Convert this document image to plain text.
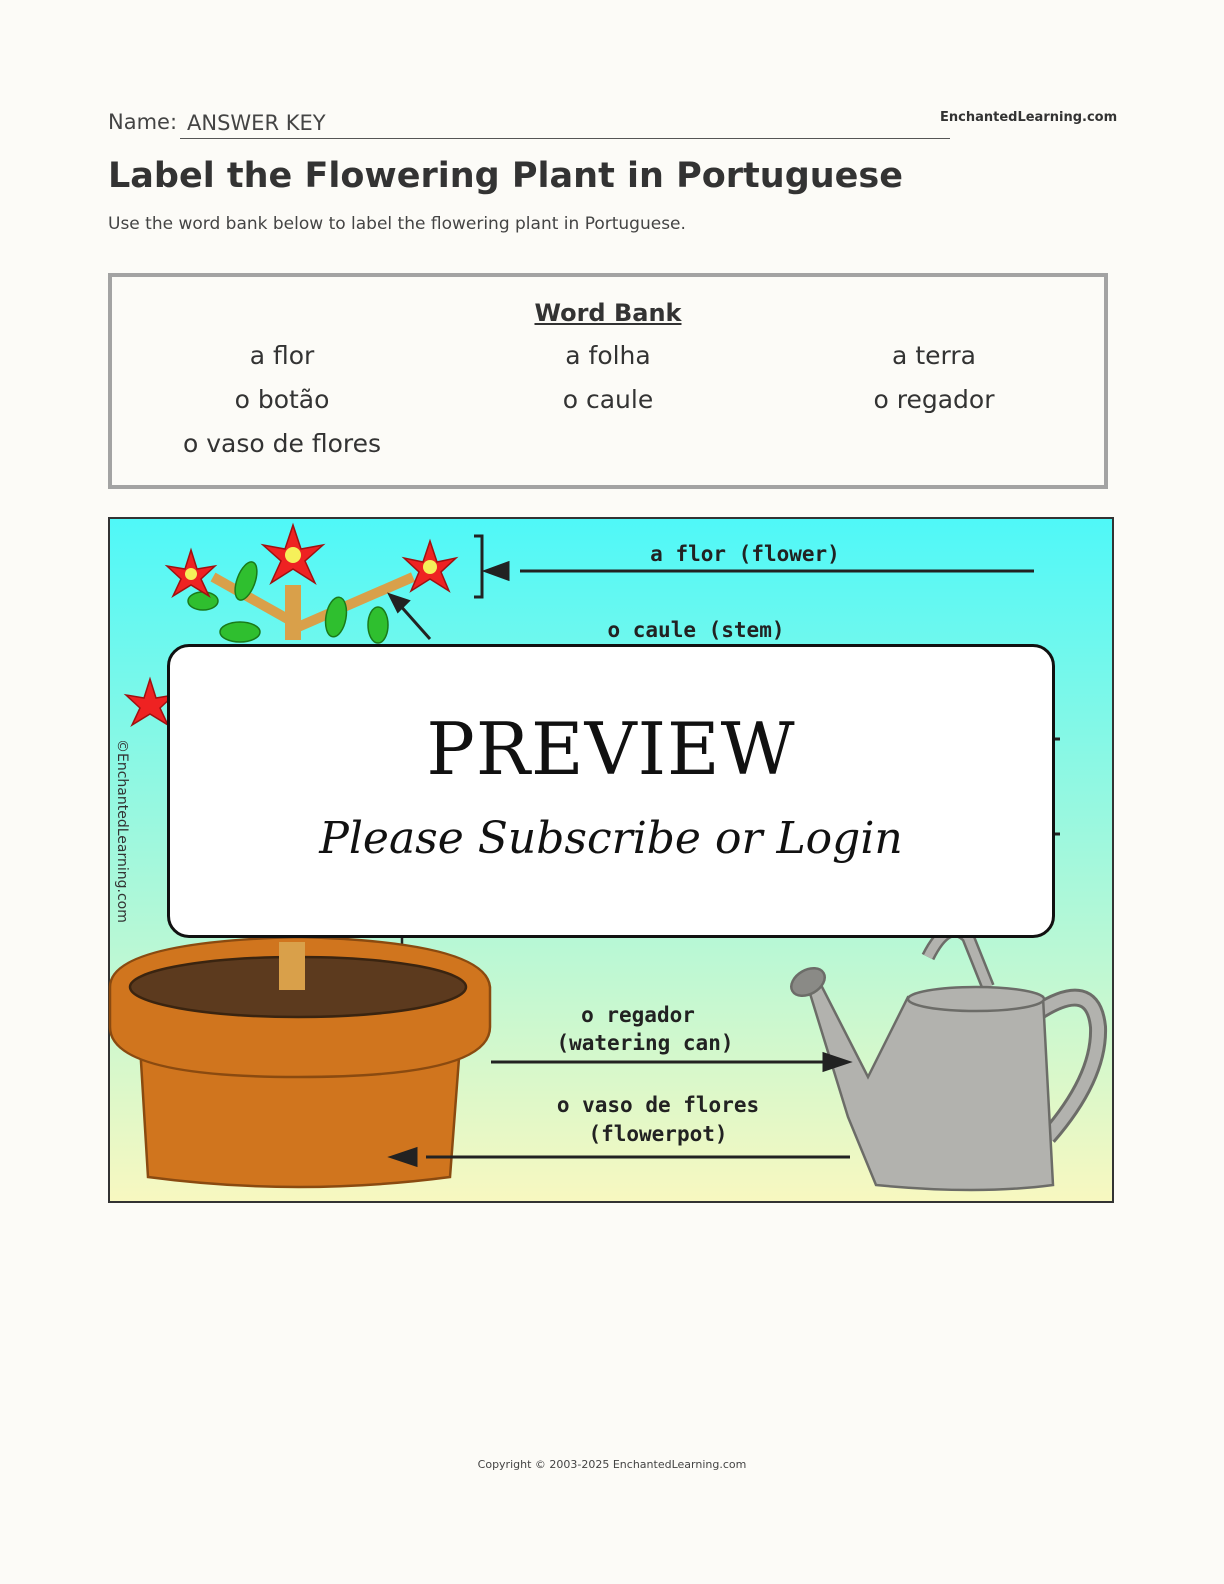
Name: ANSWER KEY	EnchantedLearning.com
Label the Flowering Plant in Portuguese
Use the word bank below to label the flowering plant in Portuguese.
Word Bank
a flor	a folha	a terra
o botão	o caule	o regador
o vaso de flores
a flor (flower)
o caule (stem)
©EnchantedLearning.com
o regador
(watering can)
o vaso de flores
(flowerpot)
PREVIEW
Please Subscribe or Login
Copyright © 2003-2025 EnchantedLearning.com
